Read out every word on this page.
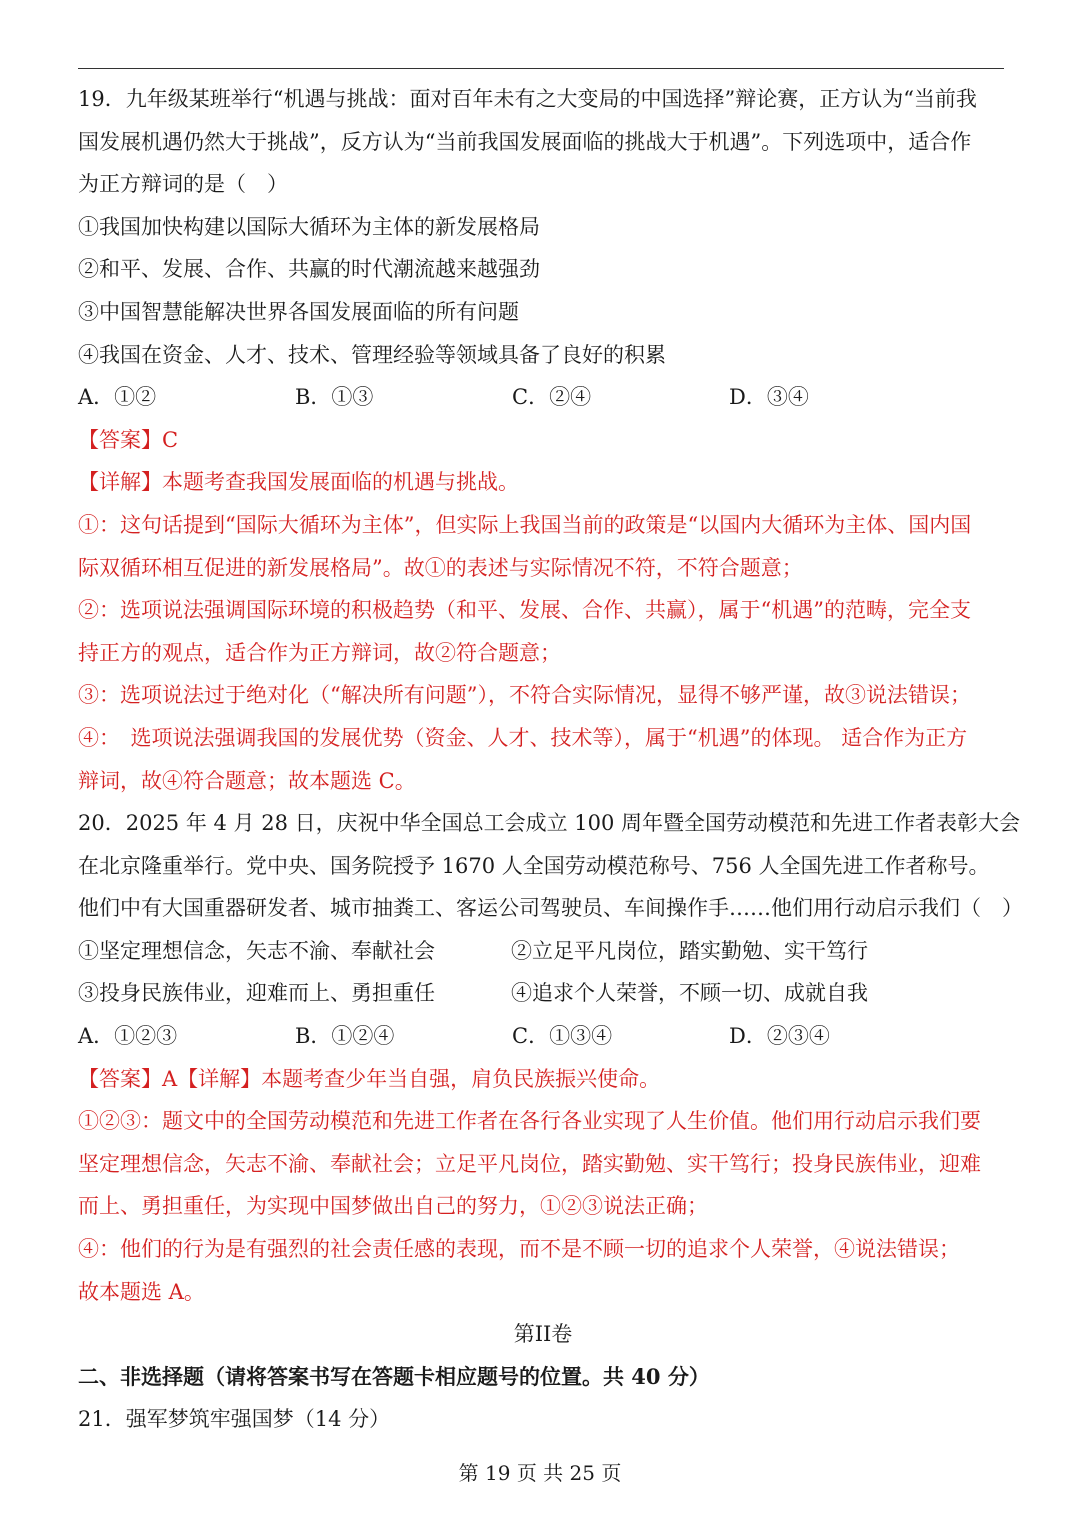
19．九年级某班举行“机遇与挑战：面对百年未有之大变局的中国选择”辩论赛，正方认为“当前我
国发展机遇仍然大于挑战”，反方认为“当前我国发展面临的挑战大于机遇”。下列选项中，适合作
为正方辩词的是（　）
①我国加快构建以国际大循环为主体的新发展格局
②和平、发展、合作、共赢的时代潮流越来越强劲
③中国智慧能解决世界各国发展面临的所有问题
④我国在资金、人才、技术、管理经验等领域具备了良好的积累
A．①②	B．①③	C．②④	D．③④
【答案】C
【详解】本题考查我国发展面临的机遇与挑战。
①：这句话提到“国际大循环为主体”，但实际上我国当前的政策是“以国内大循环为主体、国内国
际双循环相互促进的新发展格局”。故①的表述与实际情况不符，不符合题意；
②：选项说法强调国际环境的积极趋势（和平、发展、合作、共赢），属于“机遇”的范畴，完全支
持正方的观点，适合作为正方辩词，故②符合题意；
③：选项说法过于绝对化（“解决所有问题”），不符合实际情况，显得不够严谨，故③说法错误；
④：　选项说法强调我国的发展优势（资金、人才、技术等），属于“机遇”的体现。 适合作为正方
辩词，故④符合题意；故本题选 C。
20．2025 年 4 月 28 日，庆祝中华全国总工会成立 100 周年暨全国劳动模范和先进工作者表彰大会
在北京隆重举行。党中央、国务院授予 1670 人全国劳动模范称号、756 人全国先进工作者称号。
他们中有大国重器研发者、城市抽粪工、客运公司驾驶员、车间操作手……他们用行动启示我们（　）
①坚定理想信念，矢志不渝、奉献社会	②立足平凡岗位，踏实勤勉、实干笃行
③投身民族伟业，迎难而上、勇担重任	④追求个人荣誉，不顾一切、成就自我
A．①②③	B．①②④	C．①③④	D．②③④
【答案】A【详解】本题考查少年当自强，肩负民族振兴使命。
①②③：题文中的全国劳动模范和先进工作者在各行各业实现了人生价值。他们用行动启示我们要
坚定理想信念，矢志不渝、奉献社会；立足平凡岗位，踏实勤勉、实干笃行；投身民族伟业，迎难
而上、勇担重任，为实现中国梦做出自己的努力，①②③说法正确；
④：他们的行为是有强烈的社会责任感的表现，而不是不顾一切的追求个人荣誉，④说法错误；
故本题选 A。
第II卷
二、非选择题（请将答案书写在答题卡相应题号的位置。共 40 分）
21．强军梦筑牢强国梦（14 分）
第 19 页 共 25 页
